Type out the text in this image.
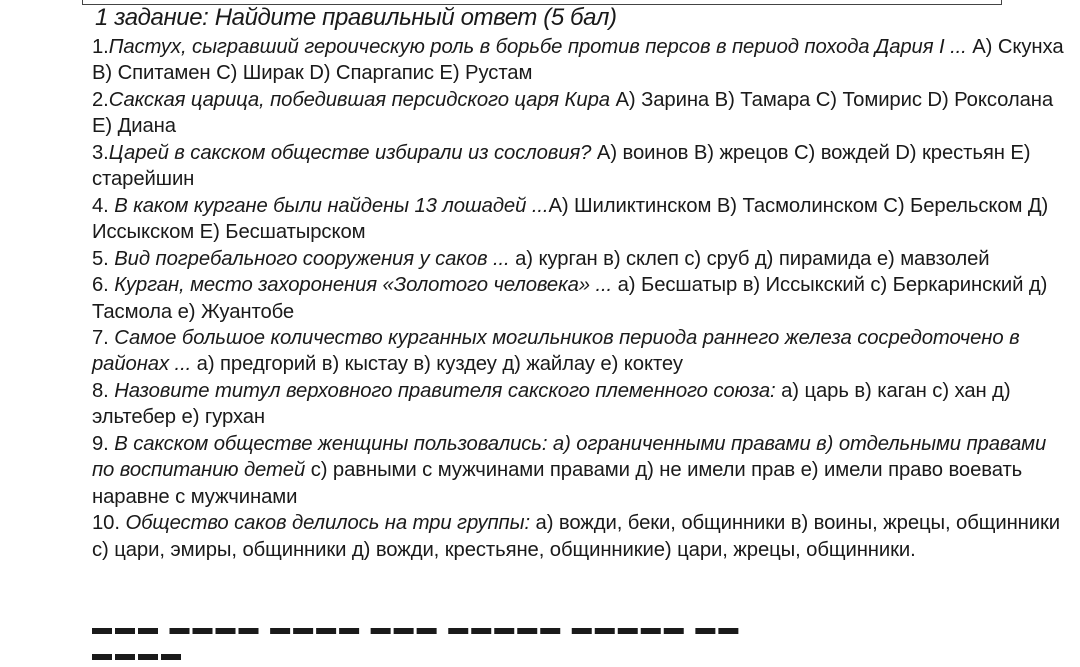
1 задание: Найдите правильный ответ (5 бал)
1.Пастух, сыгравший героическую роль в борьбе против персов в период похода Дария I ... А) Скунха В) Спитамен С) Ширак D) Спаргапис Е) Рустам
2.Сакская царица, победившая персидского царя Кира А) Зарина В) Тамара С) Томирис D) Роксолана Е) Диана
3.Царей в сакском обществе избирали из сословия? А) воинов В) жрецов С) вождей D) крестьян Е) старейшин
4. В каком кургане были найдены 13 лошадей ...А) Шиликтинском В) Тасмолинском С) Берельском Д) Иссыкском Е) Бесшатырском
5. Вид погребального сооружения у саков ... а) курган в) склеп с) сруб д) пирамида е) мавзолей
6. Курган, место захоронения «Золотого человека» ... а) Бесшатыр в) Иссыкский с) Беркаринский д) Тасмола е) Жуантобе
7. Самое большое количество курганных могильников периода раннего железа сосредоточено в районах ... а) предгорий в) кыстау в) куздеу д) жайлау е) коктеу
8. Назовите титул верховного правителя сакского племенного союза: а) царь в) каган с) хан д) эльтебер е) гурхан
9. В сакском обществе женщины пользовались: а) ограниченными правами в) отдельными правами по воспитанию детей с) равными с мужчинами правами д) не имели прав е) имели право воевать наравне с мужчинами
10. Общество саков делилось на три группы: а) вожди, беки, общинники в) воины, жрецы, общинники с) цари, эмиры, общинники д) вожди, крестьяне, общинникие) цари, жрецы, общинники.
▬▬▬ ▬▬▬▬ ▬▬▬▬ ▬▬▬ ▬▬▬▬▬ ▬▬▬▬▬ ▬▬ ▬▬▬▬
